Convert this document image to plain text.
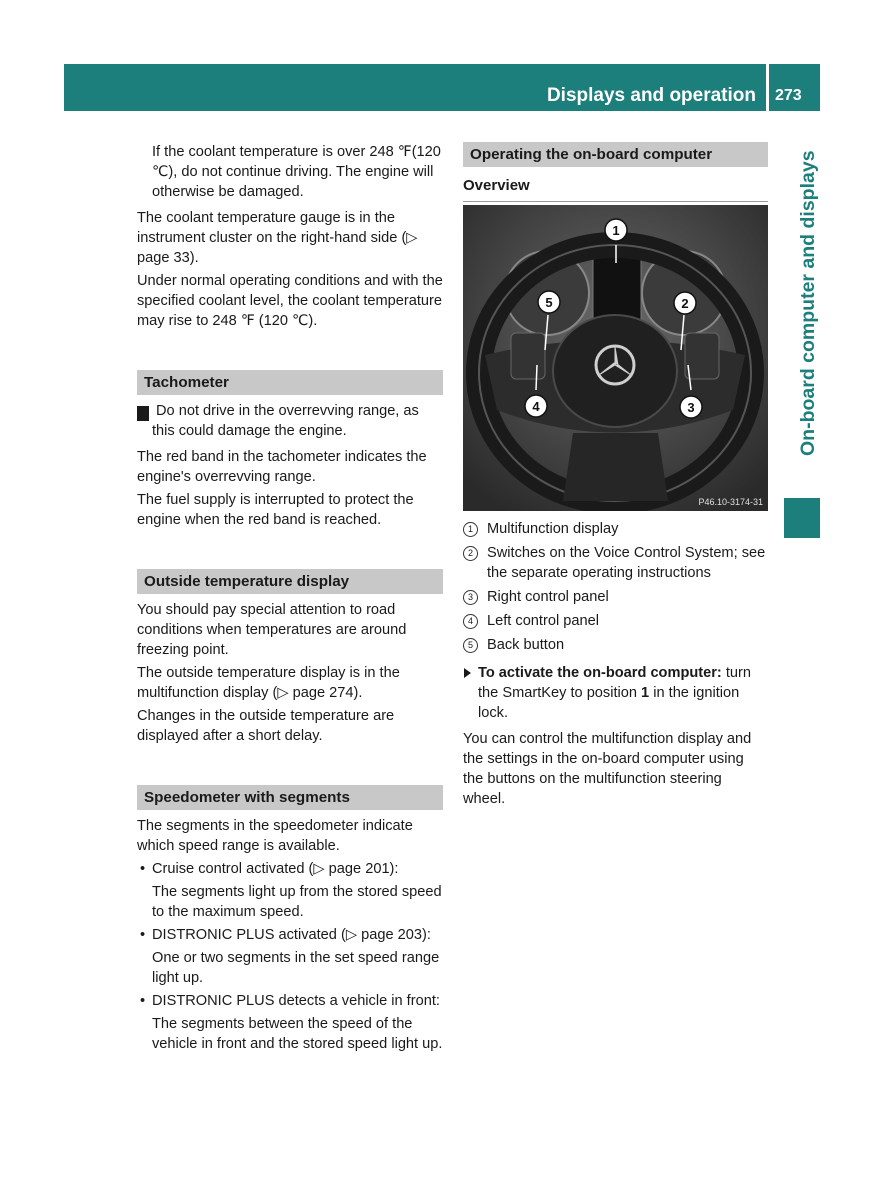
Displays and operation 273
On-board computer and displays

If the coolant temperature is over 248 ℉(120 ℃), do not continue driving. The engine will otherwise be damaged.

The coolant temperature gauge is in the instrument cluster on the right-hand side (▷ page 33).

Under normal operating conditions and with the specified coolant level, the coolant temperature may rise to 248 ℉ (120 ℃).

Tachometer

! Do not drive in the overrevving range, as this could damage the engine.

The red band in the tachometer indicates the engine's overrevving range.

The fuel supply is interrupted to protect the engine when the red band is reached.

Outside temperature display

You should pay special attention to road conditions when temperatures are around freezing point.

The outside temperature display is in the multifunction display (▷ page 274).

Changes in the outside temperature are displayed after a short delay.

Speedometer with segments

The segments in the speedometer indicate which speed range is available.

• Cruise control activated (▷ page 201):

The segments light up from the stored speed to the maximum speed.

• DISTRONIC PLUS activated (▷ page 203):

One or two segments in the set speed range light up.

• DISTRONIC PLUS detects a vehicle in front:

The segments between the speed of the vehicle in front and the stored speed light up.

Operating the on-board computer
Overview
1
2
3
4
5
P46.10-3174-31
1 Multifunction display
2 Switches on the Voice Control System; see the separate operating instructions
3 Right control panel
4 Left control panel
5 Back button
To activate the on-board computer: turn the SmartKey to position 1 in the ignition lock.

You can control the multifunction display and the settings in the on-board computer using the buttons on the multifunction steering wheel.
